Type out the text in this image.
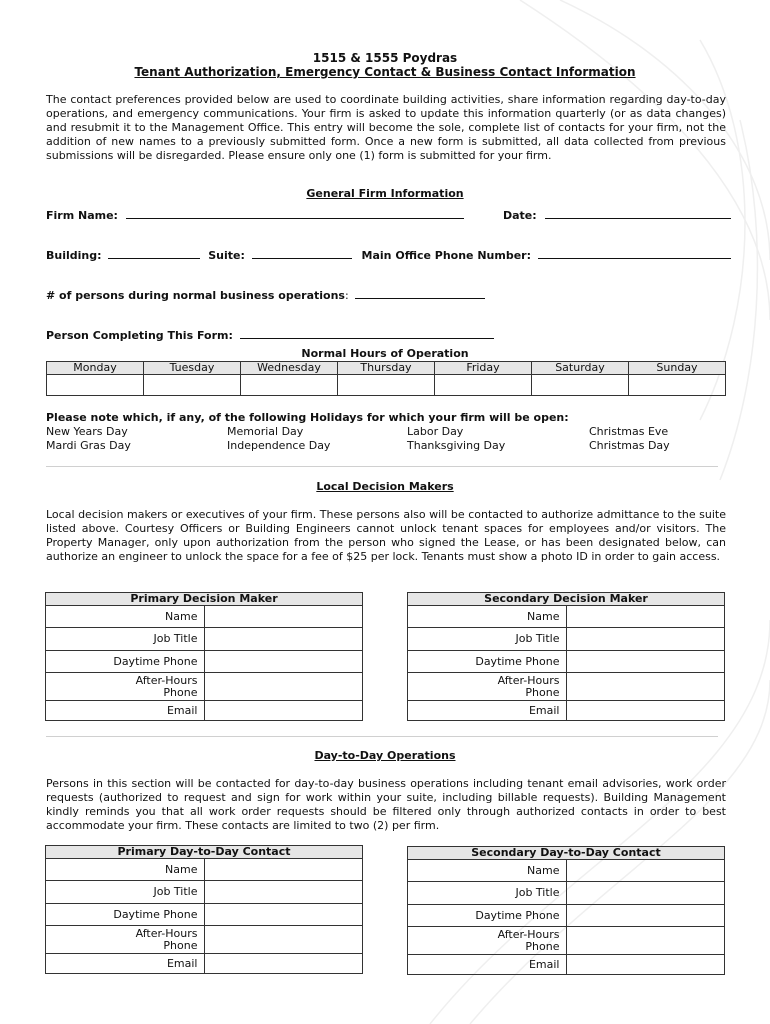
1515 & 1555 Poydras
Tenant Authorization, Emergency Contact & Business Contact Information
The contact preferences provided below are used to coordinate building activities, share information regarding day-to-day operations, and emergency communications. Your firm is asked to update this information quarterly (or as data changes) and resubmit it to the Management Office. This entry will become the sole, complete list of contacts for your firm, not the addition of new names to a previously submitted form. Once a new form is submitted, all data collected from previous submissions will be disregarded. Please ensure only one (1) form is submitted for your firm.
General Firm Information
Firm Name:	Date:
Building:	Suite:	Main Office Phone Number:
# of persons during normal business operations:
Person Completing This Form:
Normal Hours of Operation
Monday	Tuesday	Wednesday	Thursday	Friday	Saturday	Sunday

Please note which, if any, of the following Holidays for which your firm will be open:
New Years Day	Memorial Day	Labor Day	Christmas Eve
Mardi Gras Day	Independence Day	Thanksgiving Day	Christmas Day
Local Decision Makers
Local decision makers or executives of your firm. These persons also will be contacted to authorize admittance to the suite listed above. Courtesy Officers or Building Engineers cannot unlock tenant spaces for employees and/or visitors. The Property Manager, only upon authorization from the person who signed the Lease, or has been designated below, can authorize an engineer to unlock the space for a fee of $25 per lock. Tenants must show a photo ID in order to gain access.
Primary Decision Maker	
Name	
Job Title	
Daytime Phone	
After-Hours
Phone	
Email	
Secondary Decision Maker	
Name	
Job Title	
Daytime Phone	
After-Hours
Phone	
Email	
Day-to-Day Operations
Persons in this section will be contacted for day-to-day business operations including tenant email advisories, work order requests (authorized to request and sign for work within your suite, including billable requests). Building Management kindly reminds you that all work order requests should be filtered only through authorized contacts in order to best accommodate your firm. These contacts are limited to two (2) per firm.
Primary Day-to-Day Contact	
Name	
Job Title	
Daytime Phone	
After-Hours
Phone	
Email	
Secondary Day-to-Day Contact	
Name	
Job Title	
Daytime Phone	
After-Hours
Phone	
Email	
